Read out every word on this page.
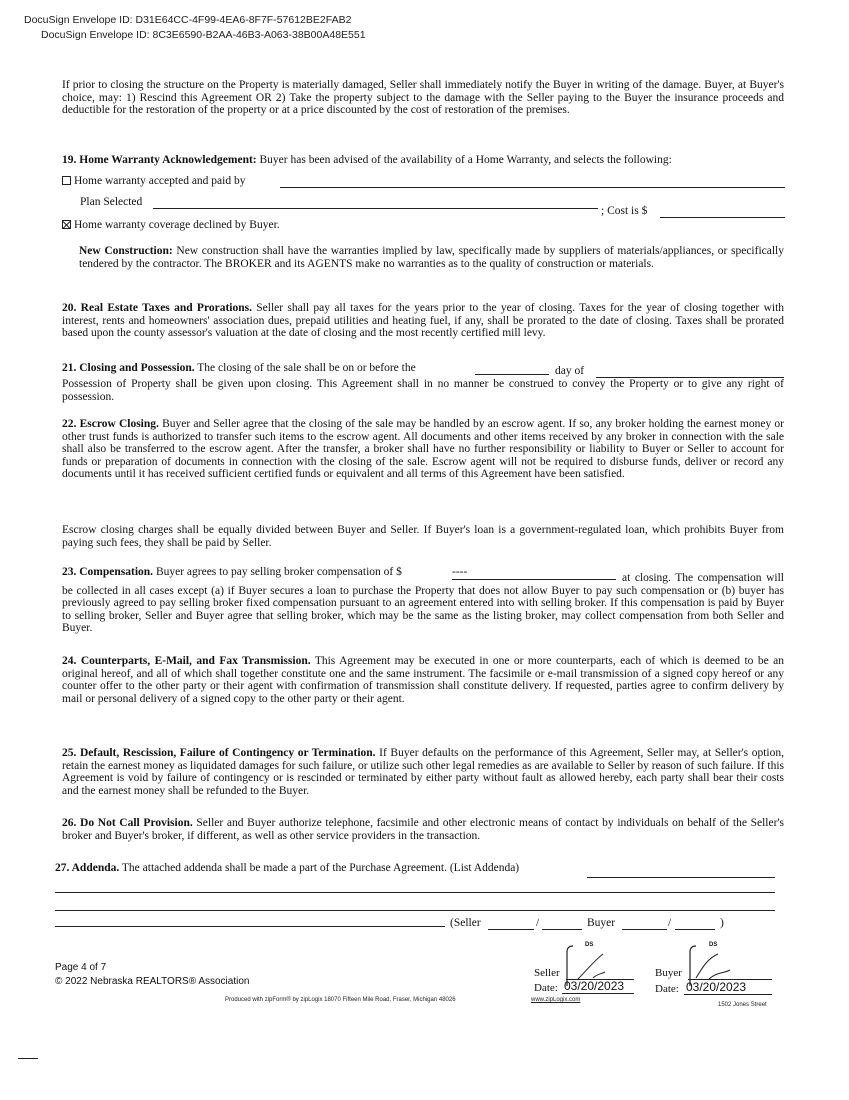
DocuSign Envelope ID: D31E64CC-4F99-4EA6-8F7F-57612BE2FAB2
DocuSign Envelope ID: 8C3E6590-B2AA-46B3-A063-38B00A48E551
If prior to closing the structure on the Property is materially damaged, Seller shall immediately notify the Buyer in writing of the damage. Buyer, at Buyer's choice, may: 1) Rescind this Agreement OR 2) Take the property subject to the damage with the Seller paying to the Buyer the insurance proceeds and deductible for the restoration of the property or at a price discounted by the cost of restoration of the premises.
19. Home Warranty Acknowledgement: Buyer has been advised of the availability of a Home Warranty, and selects the following:
Home warranty accepted and paid by
Plan Selected
; Cost is $
Home warranty coverage declined by Buyer.
New Construction: New construction shall have the warranties implied by law, specifically made by suppliers of materials/appliances, or specifically tendered by the contractor. The BROKER and its AGENTS make no warranties as to the quality of construction or materials.
20. Real Estate Taxes and Prorations. Seller shall pay all taxes for the years prior to the year of closing. Taxes for the year of closing together with interest, rents and homeowners' association dues, prepaid utilities and heating fuel, if any, shall be prorated to the date of closing. Taxes shall be prorated based upon the county assessor's valuation at the date of closing and the most recently certified mill levy.
21. Closing and Possession. The closing of the sale shall be on or before the	day of
Possession of Property shall be given upon closing. This Agreement shall in no manner be construed to convey the Property or to give any right of possession.
22. Escrow Closing. Buyer and Seller agree that the closing of the sale may be handled by an escrow agent. If so, any broker holding the earnest money or other trust funds is authorized to transfer such items to the escrow agent. All documents and other items received by any broker in connection with the sale shall also be transferred to the escrow agent. After the transfer, a broker shall have no further responsibility or liability to Buyer or Seller to account for funds or preparation of documents in connection with the closing of the sale. Escrow agent will not be required to disburse funds, deliver or record any documents until it has received sufficient certified funds or equivalent and all terms of this Agreement have been satisfied.
Escrow closing charges shall be equally divided between Buyer and Seller. If Buyer's loan is a government-regulated loan, which prohibits Buyer from paying such fees, they shall be paid by Seller.
23. Compensation. Buyer agrees to pay selling broker compensation of $	----	at closing. The compensation will be collected in all cases except (a) if Buyer secures a loan to purchase the Property that does not allow Buyer to pay such compensation or (b) buyer has previously agreed to pay selling broker fixed compensation pursuant to an agreement entered into with selling broker. If this compensation is paid by Buyer to selling broker, Seller and Buyer agree that selling broker, which may be the same as the listing broker, may collect compensation from both Seller and Buyer.
24. Counterparts, E-Mail, and Fax Transmission. This Agreement may be executed in one or more counterparts, each of which is deemed to be an original hereof, and all of which shall together constitute one and the same instrument. The facsimile or e-mail transmission of a signed copy hereof or any counter offer to the other party or their agent with confirmation of transmission shall constitute delivery. If requested, parties agree to confirm delivery by mail or personal delivery of a signed copy to the other party or their agent.
25. Default, Rescission, Failure of Contingency or Termination. If Buyer defaults on the performance of this Agreement, Seller may, at Seller's option, retain the earnest money as liquidated damages for such failure, or utilize such other legal remedies as are available to Seller by reason of such failure. If this Agreement is void by failure of contingency or is rescinded or terminated by either party without fault as allowed hereby, each party shall bear their costs and the earnest money shall be refunded to the Buyer.
26. Do Not Call Provision. Seller and Buyer authorize telephone, facsimile and other electronic means of contact by individuals on behalf of the Seller's broker and Buyer's broker, if different, as well as other service providers in the transaction.
27. Addenda. The attached addenda shall be made a part of the Purchase Agreement. (List Addenda)
(Seller	/	Buyer	/	)
Page 4 of 7
© 2022 Nebraska REALTORS® Association
Produced with zipForm® by zipLogix 18070 Fifteen Mile Road, Fraser, Michigan 48026	www.zipLogix.com
1502 Jones Street
DS
Seller
Date: 03/20/2023
DS
Buyer
Date: 03/20/2023
